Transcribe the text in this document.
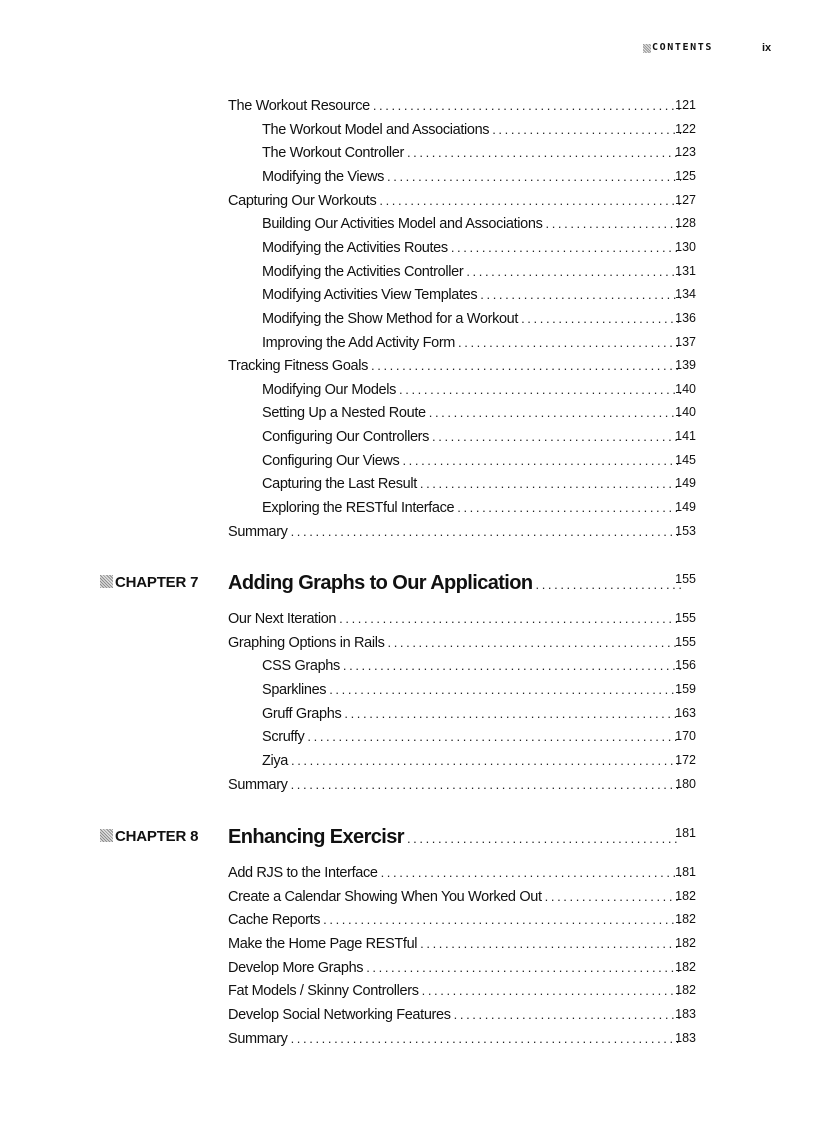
CONTENTS	ix
The Workout Resource .....	121
The Workout Model and Associations .....	122
The Workout Controller .....	123
Modifying the Views .....	125
Capturing Our Workouts .....	127
Building Our Activities Model and Associations .....	128
Modifying the Activities Routes .....	130
Modifying the Activities Controller .....	131
Modifying Activities View Templates .....	134
Modifying the Show Method for a Workout .....	136
Improving the Add Activity Form .....	137
Tracking Fitness Goals .....	139
Modifying Our Models .....	140
Setting Up a Nested Route .....	140
Configuring Our Controllers .....	141
Configuring Our Views .....	145
Capturing the Last Result .....	149
Exploring the RESTful Interface .....	149
Summary .....	153
CHAPTER 7 Adding Graphs to Our Application .....	155
Our Next Iteration .....	155
Graphing Options in Rails .....	155
CSS Graphs .....	156
Sparklines .....	159
Gruff Graphs .....	163
Scruffy .....	170
Ziya .....	172
Summary .....	180
CHAPTER 8 Enhancing Exercisr .....	181
Add RJS to the Interface .....	181
Create a Calendar Showing When You Worked Out .....	182
Cache Reports .....	182
Make the Home Page RESTful .....	182
Develop More Graphs .....	182
Fat Models / Skinny Controllers .....	182
Develop Social Networking Features .....	183
Summary .....	183
